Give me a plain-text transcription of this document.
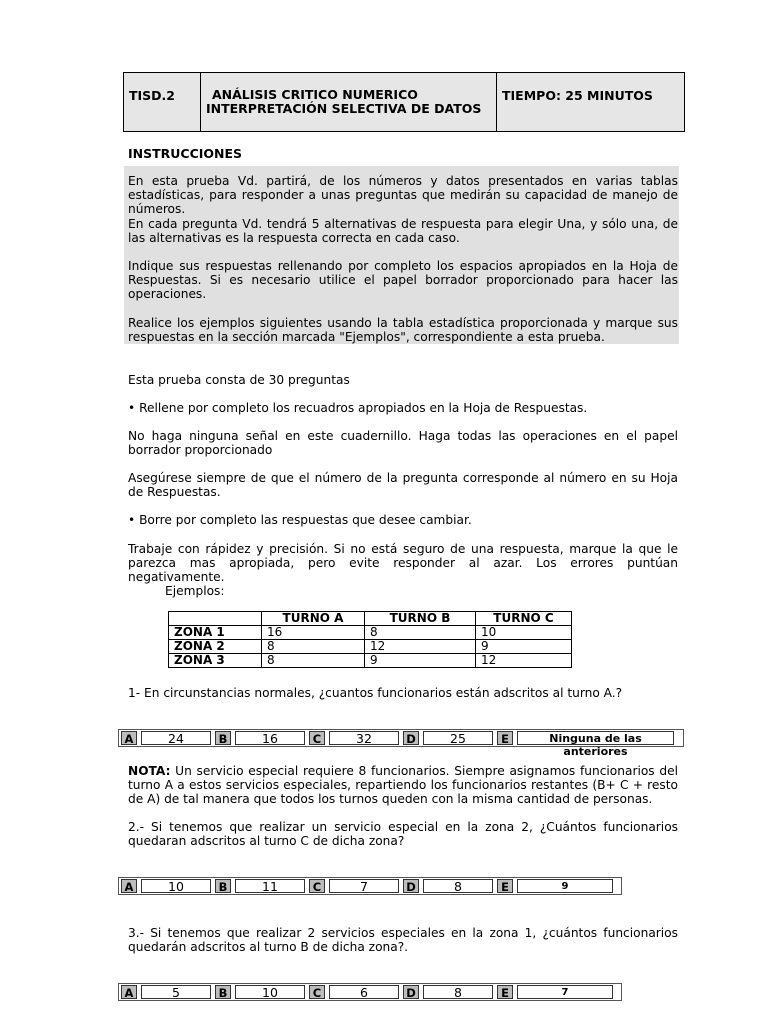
TISD.2	ANÁLISIS CRITICO NUMERICO
INTERPRETACIÓN SELECTIVA DE DATOS
TIEMPO: 25 MINUTOS
INSTRUCCIONES
En esta prueba Vd. partirá, de los números y datos presentados en varias tablas estadísticas, para responder a unas preguntas que medirán su capacidad de manejo de números.
En cada pregunta Vd. tendrá 5 alternativas de respuesta para elegir Una, y sólo una, de las alternativas es la respuesta correcta en cada caso.
Indique sus respuestas rellenando por completo los espacios apropiados en la Hoja de Respuestas. Si es necesario utilice el papel borrador proporcionado para hacer las operaciones.
Realice los ejemplos siguientes usando la tabla estadística proporcionada y marque sus respuestas en la sección marcada "Ejemplos", correspondiente a esta prueba.
Esta prueba consta de 30 preguntas
• Rellene por completo los recuadros apropiados en la Hoja de Respuestas.
No haga ninguna señal en este cuadernillo. Haga todas las operaciones en el papel borrador proporcionado
Asegúrese siempre de que el número de la pregunta corresponde al número en su Hoja de Respuestas.
• Borre por completo las respuestas que desee cambiar.
Trabaje con rápidez y precisión. Si no está seguro de una respuesta, marque la que le parezca mas apropiada, pero evite responder al azar. Los errores puntúan negativamente.
Ejemplos:
	TURNO A	TURNO B	TURNO C
ZONA 1	16	8	10
ZONA 2	8	12	9
ZONA 3	8	9	12
1- En circunstancias normales, ¿cuantos funcionarios están adscritos al turno A.?
A	24	B	16	C	32	D	25	E	Ninguna de las anteriores
NOTA: Un servicio especial requiere 8 funcionarios. Siempre asignamos funcionarios del turno A a estos servicios especiales, repartiendo los funcionarios restantes (B+ C + resto de A) de tal manera que todos los turnos queden con la misma cantidad de personas.
2.- Si tenemos que realizar un servicio especial en la zona 2, ¿Cuántos funcionarios quedaran adscritos al turno C de dicha zona?
A	10	B	11	C	7	D	8	E	9
3.- Si tenemos que realizar 2 servicios especiales en la zona 1, ¿cuántos funcionarios quedarán adscritos al turno B de dicha zona?.
A	5	B	10	C	6	D	8	E	7
